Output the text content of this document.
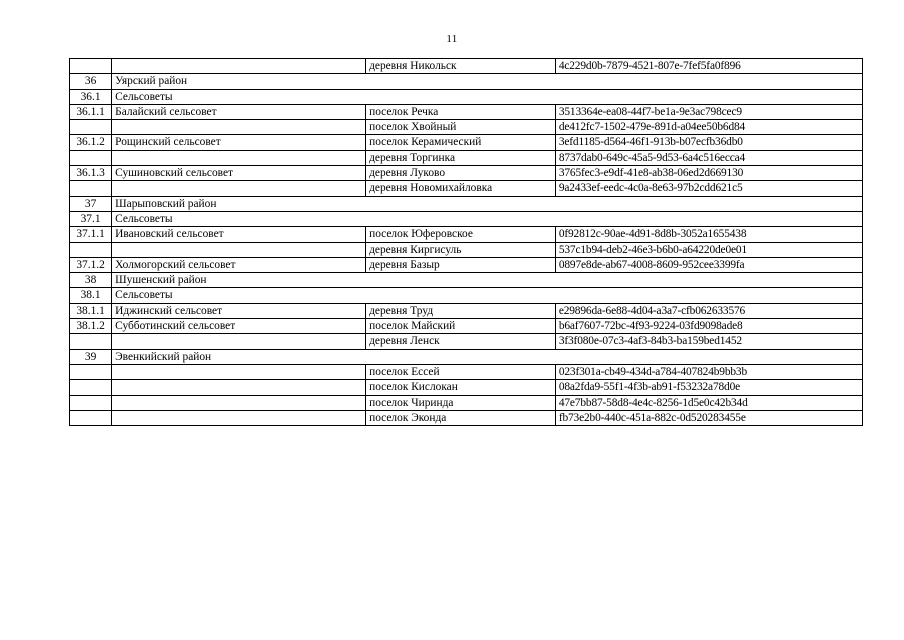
11
		деревня Никольск	4c229d0b-7879-4521-807e-7fef5fa0f896
36	Уярский район		
36.1	Сельсоветы		
36.1.1	Балайский сельсовет	поселок Речка	3513364e-ea08-44f7-be1a-9e3ac798cec9
		поселок Хвойный	de412fc7-1502-479e-891d-a04ee50b6d84
36.1.2	Рощинский сельсовет	поселок Керамический	3efd1185-d564-46f1-913b-b07ecfb36db0
		деревня Торгинка	8737dab0-649c-45a5-9d53-6a4c516ecca4
36.1.3	Сушиновский сельсовет	деревня Луково	3765fec3-e9df-41e8-ab38-06ed2d669130
		деревня Новомихайловка	9a2433ef-eedc-4c0a-8e63-97b2cdd621c5
37	Шарыповский район		
37.1	Сельсоветы		
37.1.1	Ивановский сельсовет	поселок Юферовское	0f92812c-90ae-4d91-8d8b-3052a1655438
		деревня Киргисуль	537c1b94-deb2-46e3-b6b0-a64220de0e01
37.1.2	Холмогорский сельсовет	деревня Базыр	0897e8de-ab67-4008-8609-952cee3399fa
38	Шушенский район		
38.1	Сельсоветы		
38.1.1	Иджинский сельсовет	деревня Труд	e29896da-6e88-4d04-a3a7-cfb062633576
38.1.2	Субботинский сельсовет	поселок Майский	b6af7607-72bc-4f93-9224-03fd9098ade8
		деревня Ленск	3f3f080e-07c3-4af3-84b3-ba159bed1452
39	Эвенкийский район		
		поселок Ессей	023f301a-cb49-434d-a784-407824b9bb3b
		поселок Кислокан	08a2fda9-55f1-4f3b-ab91-f53232a78d0e
		поселок Чиринда	47e7bb87-58d8-4e4c-8256-1d5e0c42b34d
		поселок Эконда	fb73e2b0-440c-451a-882c-0d520283455e
